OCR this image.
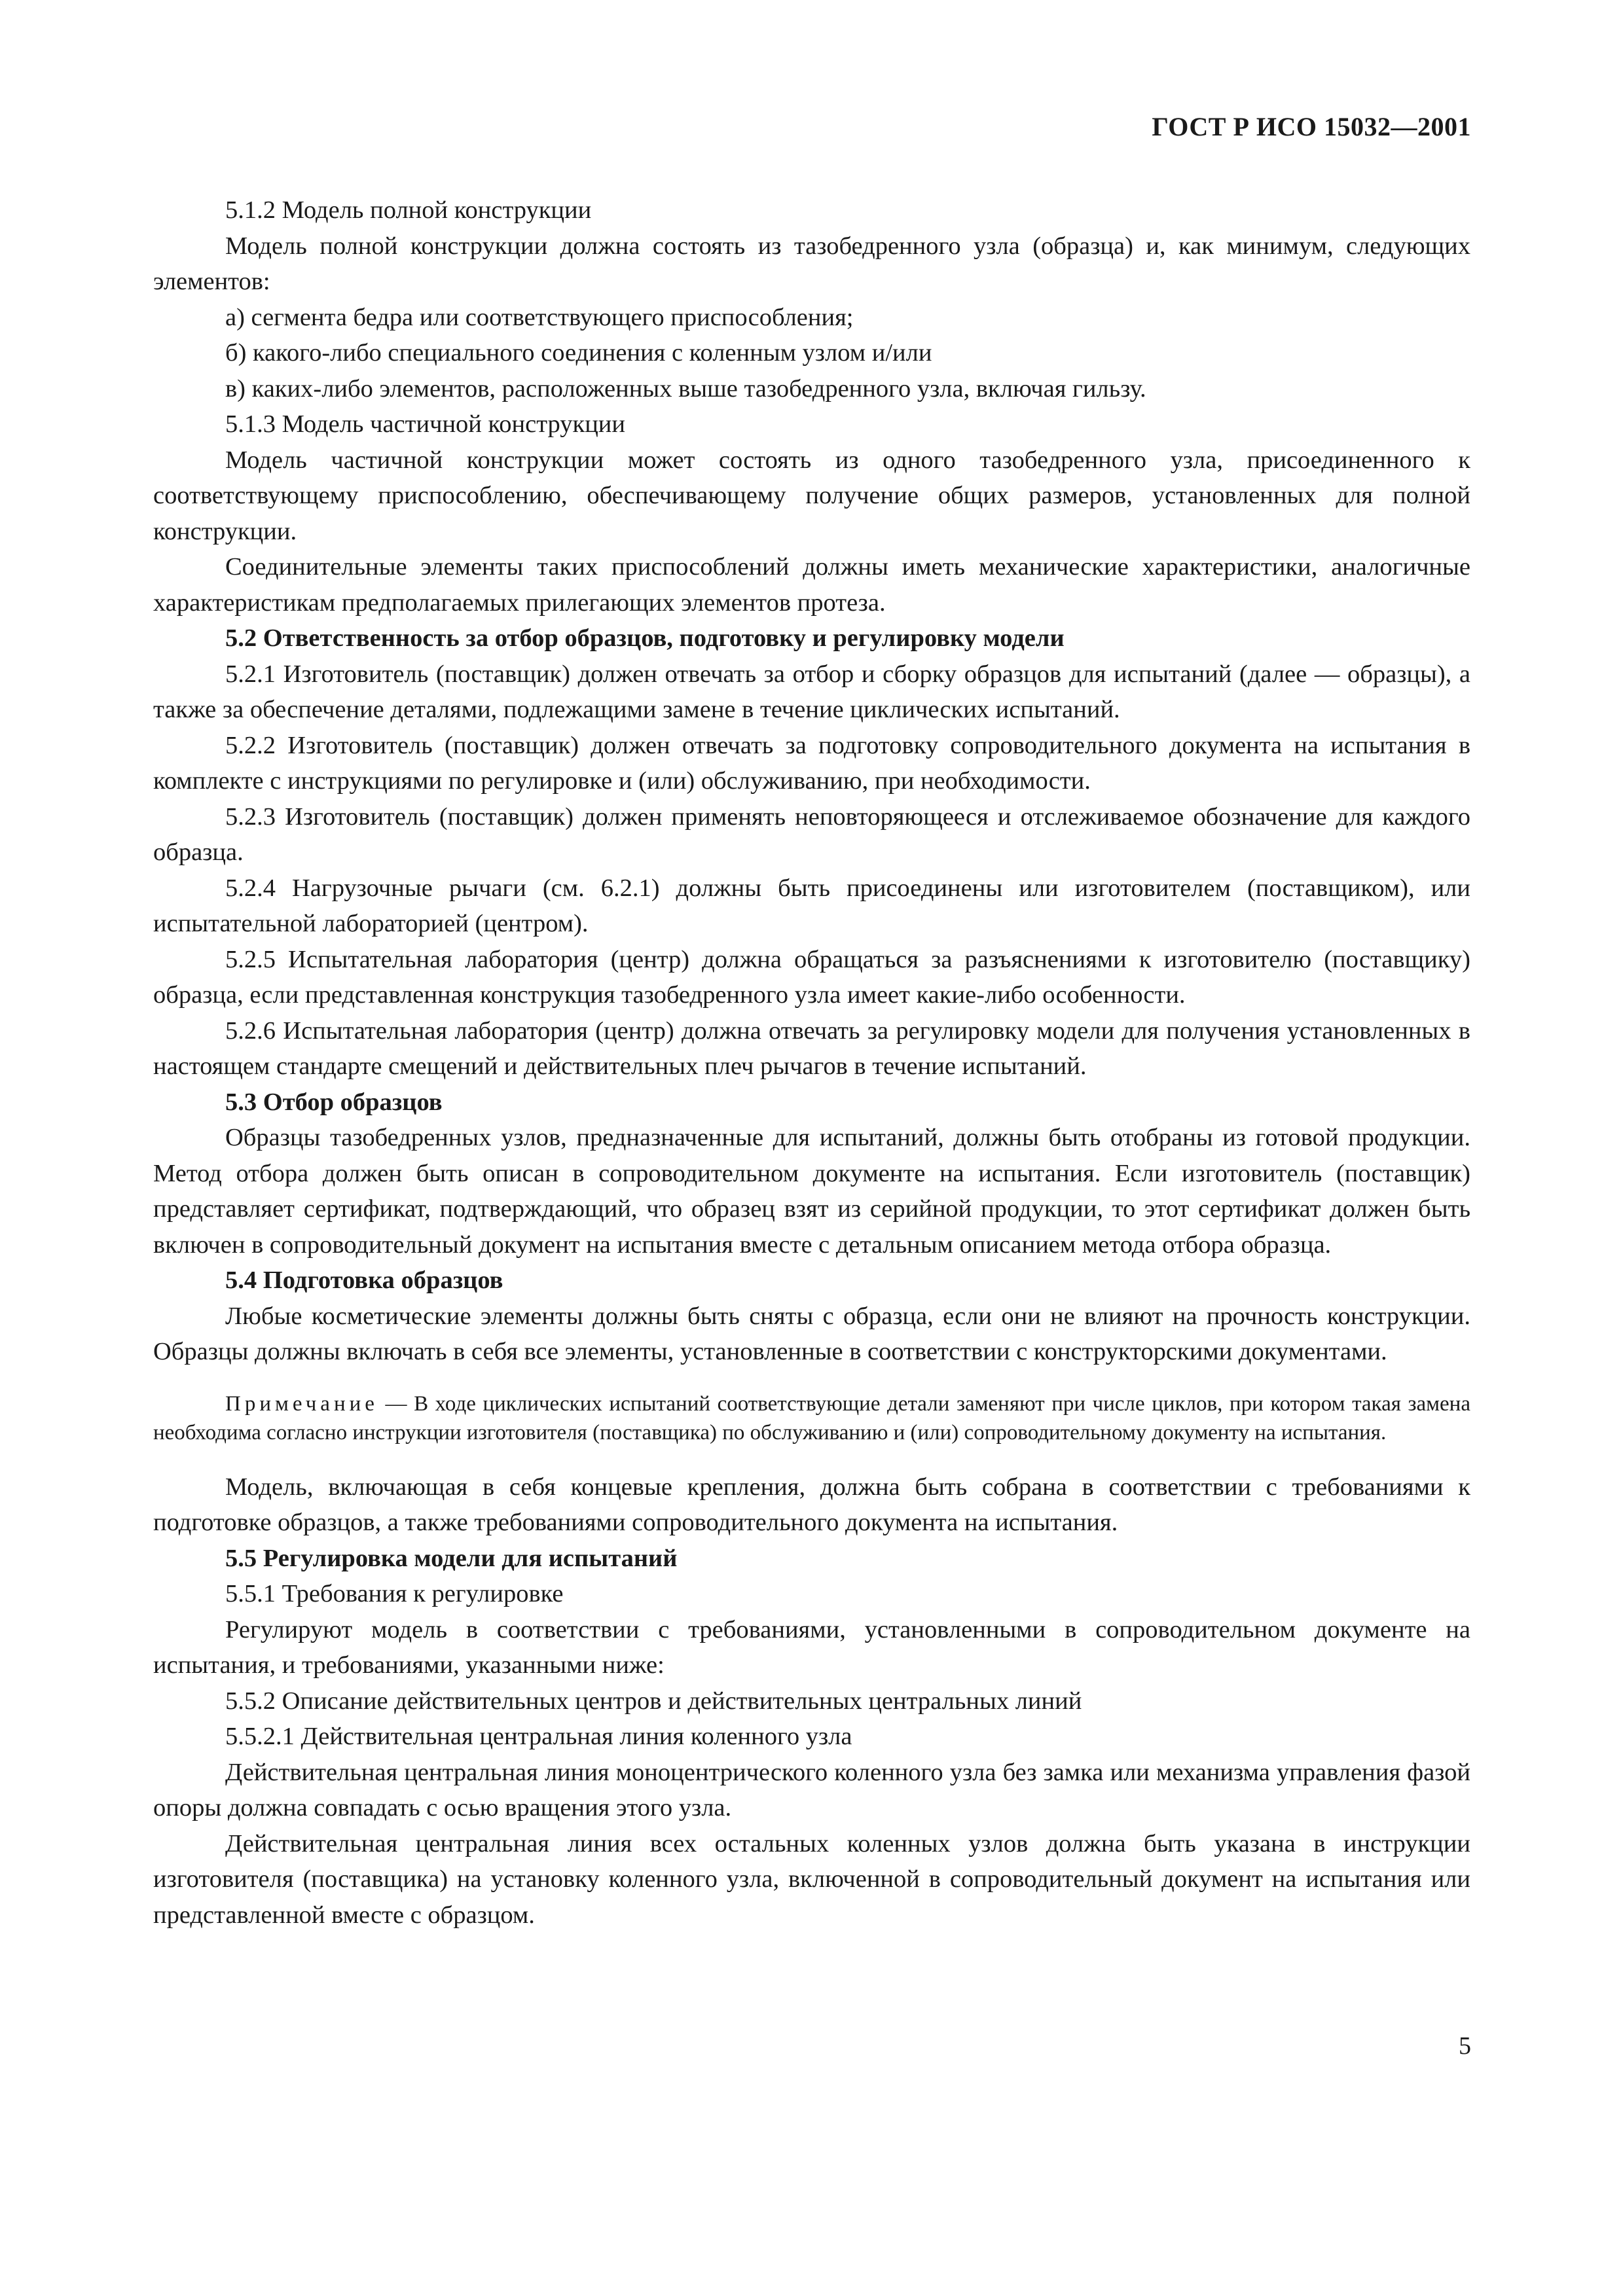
ГОСТ Р ИСО 15032—2001

5.1.2 Модель полной конструкции

Модель полной конструкции должна состоять из тазобедренного узла (образца) и, как минимум, следующих элементов:

а) сегмента бедра или соответствующего приспособления;

б) какого-либо специального соединения с коленным узлом и/или

в) каких-либо элементов, расположенных выше тазобедренного узла, включая гильзу.

5.1.3 Модель частичной конструкции

Модель частичной конструкции может состоять из одного тазобедренного узла, присоединенного к соответствующему приспособлению, обеспечивающему получение общих размеров, установленных для полной конструкции.

Соединительные элементы таких приспособлений должны иметь механические характеристики, аналогичные характеристикам предполагаемых прилегающих элементов протеза.

5.2 Ответственность за отбор образцов, подготовку и регулировку модели

5.2.1 Изготовитель (поставщик) должен отвечать за отбор и сборку образцов для испытаний (далее — образцы), а также за обеспечение деталями, подлежащими замене в течение циклических испытаний.

5.2.2 Изготовитель (поставщик) должен отвечать за подготовку сопроводительного документа на испытания в комплекте с инструкциями по регулировке и (или) обслуживанию, при необходимости.

5.2.3 Изготовитель (поставщик) должен применять неповторяющееся и отслеживаемое обозначение для каждого образца.

5.2.4 Нагрузочные рычаги (см. 6.2.1) должны быть присоединены или изготовителем (поставщиком), или испытательной лабораторией (центром).

5.2.5 Испытательная лаборатория (центр) должна обращаться за разъяснениями к изготовителю (поставщику) образца, если представленная конструкция тазобедренного узла имеет какие-либо особенности.

5.2.6 Испытательная лаборатория (центр) должна отвечать за регулировку модели для получения установленных в настоящем стандарте смещений и действительных плеч рычагов в течение испытаний.

5.3 Отбор образцов

Образцы тазобедренных узлов, предназначенные для испытаний, должны быть отобраны из готовой продукции. Метод отбора должен быть описан в сопроводительном документе на испытания. Если изготовитель (поставщик) представляет сертификат, подтверждающий, что образец взят из серийной продукции, то этот сертификат должен быть включен в сопроводительный документ на испытания вместе с детальным описанием метода отбора образца.

5.4 Подготовка образцов

Любые косметические элементы должны быть сняты с образца, если они не влияют на прочность конструкции. Образцы должны включать в себя все элементы, установленные в соответствии с конструкторскими документами.

Примечание — В ходе циклических испытаний соответствующие детали заменяют при числе циклов, при котором такая замена необходима согласно инструкции изготовителя (поставщика) по обслуживанию и (или) сопроводительному документу на испытания.

Модель, включающая в себя концевые крепления, должна быть собрана в соответствии с требованиями к подготовке образцов, а также требованиями сопроводительного документа на испытания.

5.5 Регулировка модели для испытаний

5.5.1 Требования к регулировке

Регулируют модель в соответствии с требованиями, установленными в сопроводительном документе на испытания, и требованиями, указанными ниже:

5.5.2 Описание действительных центров и действительных центральных линий

5.5.2.1 Действительная центральная линия коленного узла

Действительная центральная линия моноцентрического коленного узла без замка или механизма управления фазой опоры должна совпадать с осью вращения этого узла.

Действительная центральная линия всех остальных коленных узлов должна быть указана в инструкции изготовителя (поставщика) на установку коленного узла, включенной в сопроводительный документ на испытания или представленной вместе с образцом.

5
